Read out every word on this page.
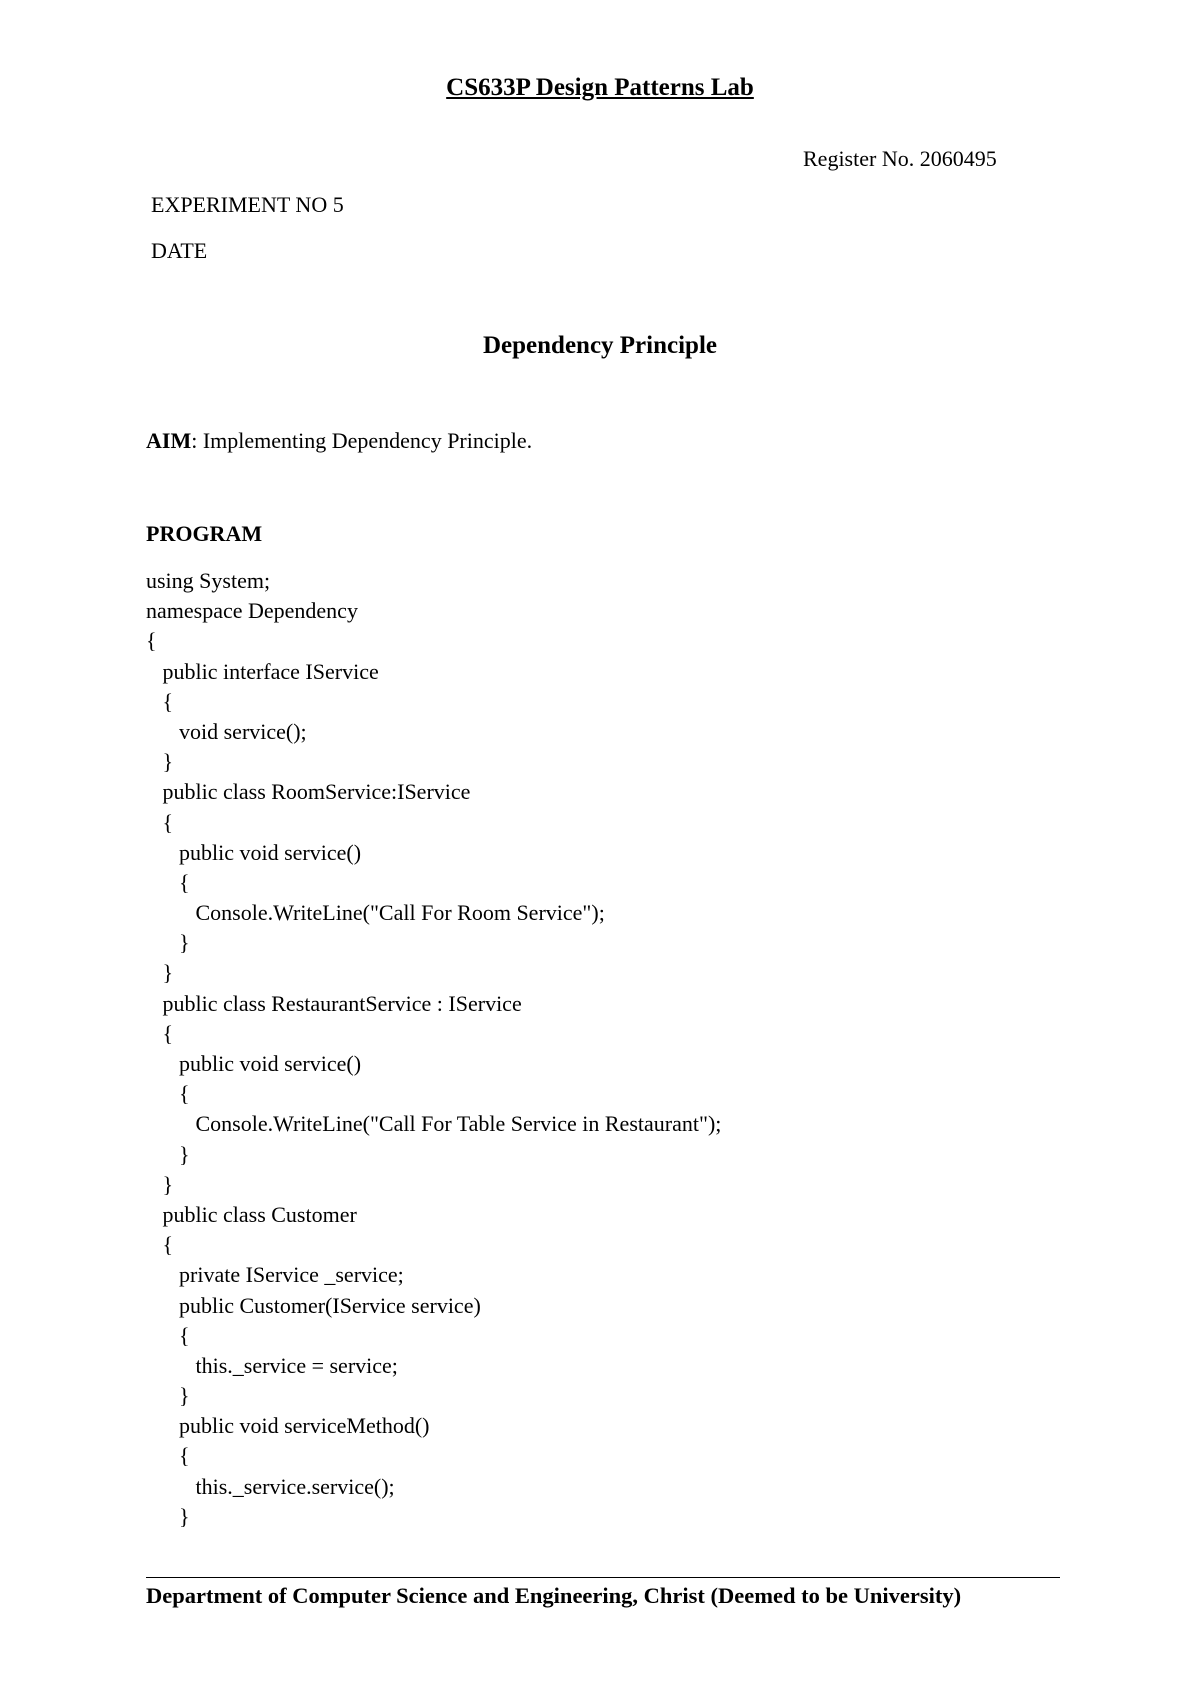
CS633P Design Patterns Lab
Register No. 2060495
EXPERIMENT NO 5
DATE
Dependency Principle
AIM: Implementing Dependency Principle.
PROGRAM
using System;
namespace Dependency
{
public interface IService
{
void service();
}
public class RoomService:IService
{
public void service()
{
Console.WriteLine("Call For Room Service");
}
}
public class RestaurantService : IService
{
public void service()
{
Console.WriteLine("Call For Table Service in Restaurant");
}
}
public class Customer
{
private IService _service;
public Customer(IService service)
{
this._service = service;
}
public void serviceMethod()
{
this._service.service();
}
Department of Computer Science and Engineering, Christ (Deemed to be University)
